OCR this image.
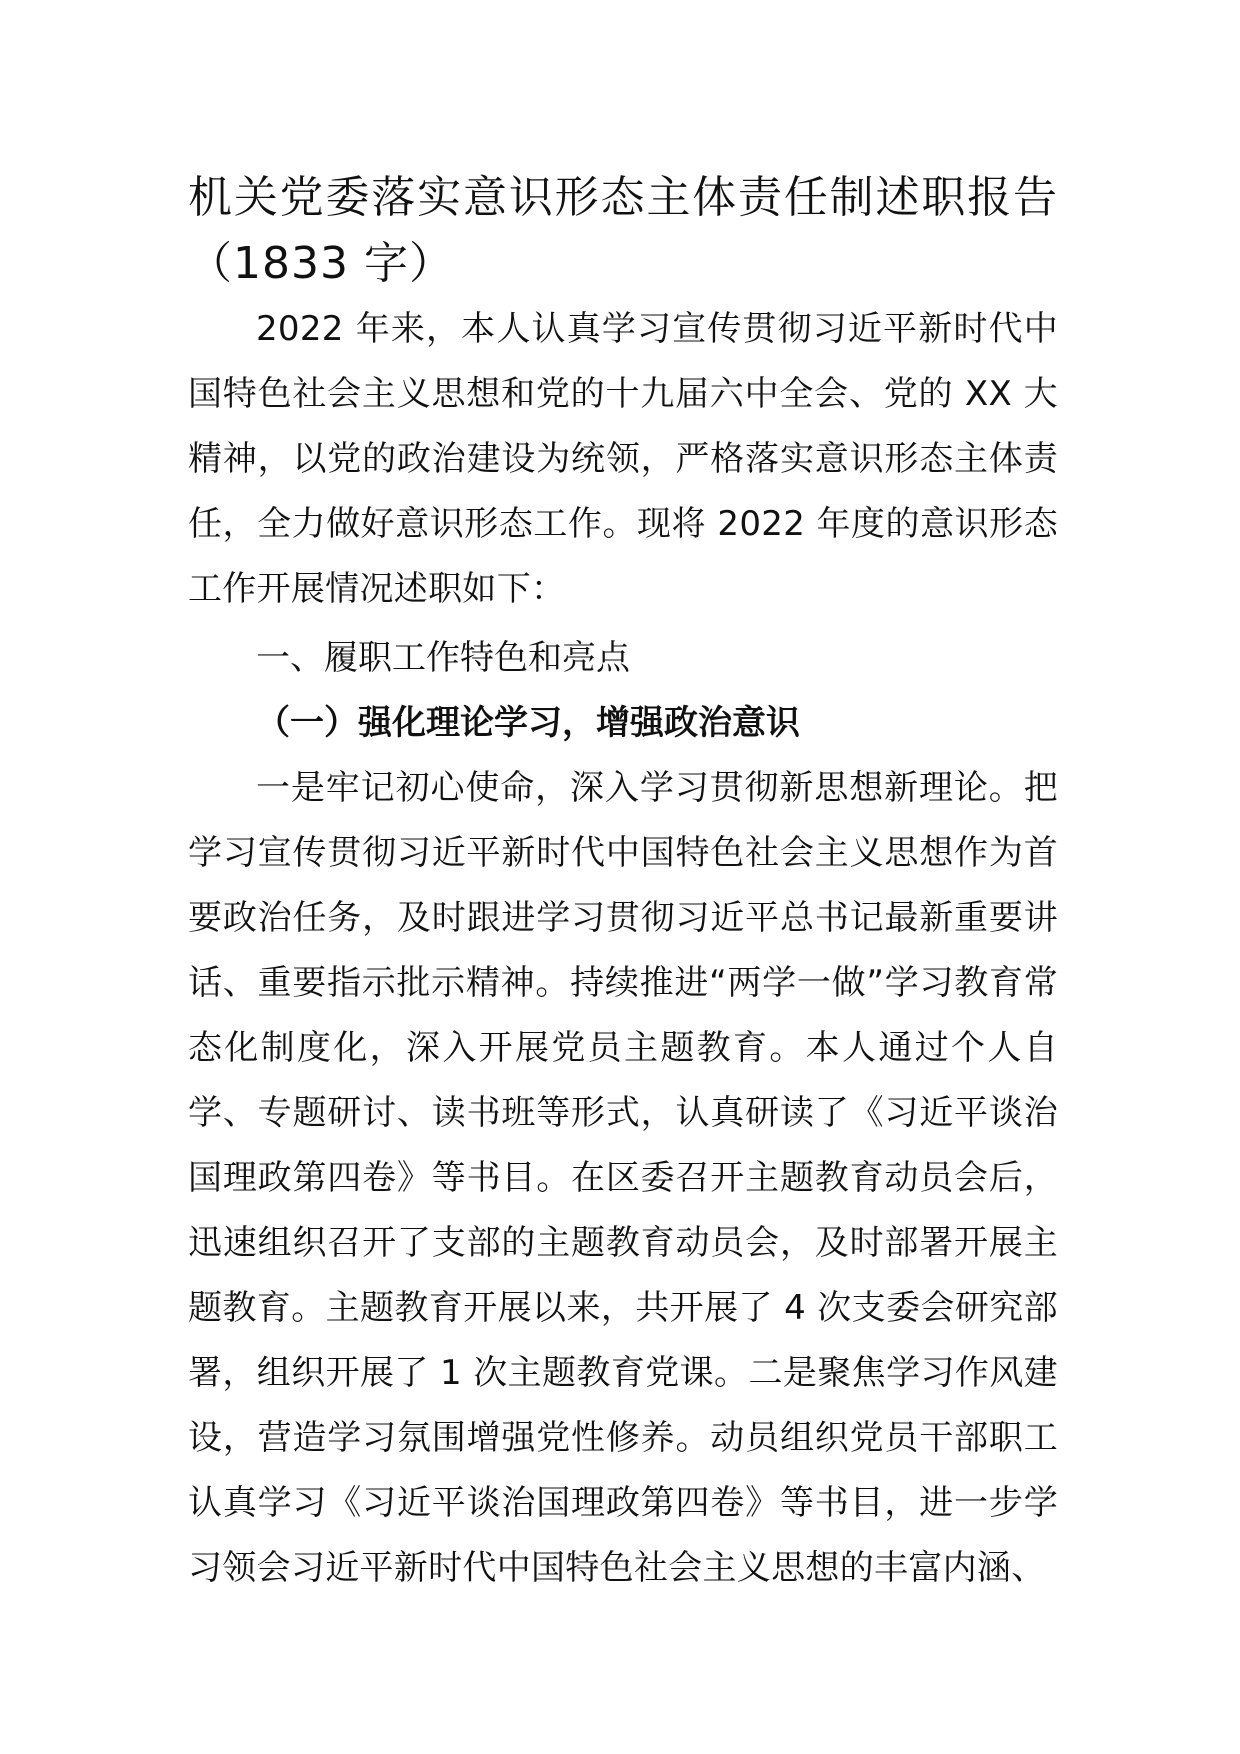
机关党委落实意识形态主体责任制述职报告（1833 字）

2022 年来，本人认真学习宣传贯彻习近平新时代中国特色社会主义思想和党的十九届六中全会、党的 XX 大精神，以党的政治建设为统领，严格落实意识形态主体责任，全力做好意识形态工作。现将 2022 年度的意识形态工作开展情况述职如下：

一、履职工作特色和亮点

（一）强化理论学习，增强政治意识

一是牢记初心使命，深入学习贯彻新思想新理论。把学习宣传贯彻习近平新时代中国特色社会主义思想作为首要政治任务，及时跟进学习贯彻习近平总书记最新重要讲话、重要指示批示精神。持续推进“两学一做”学习教育常态化制度化，深入开展党员主题教育。本人通过个人自学、专题研讨、读书班等形式，认真研读了《习近平谈治国理政第四卷》等书目。在区委召开主题教育动员会后，迅速组织召开了支部的主题教育动员会，及时部署开展主题教育。主题教育开展以来，共开展了 4 次支委会研究部署，组织开展了 1 次主题教育党课。二是聚焦学习作风建设，营造学习氛围增强党性修养。动员组织党员干部职工认真学习《习近平谈治国理政第四卷》等书目，进一步学习领会习近平新时代中国特色社会主义思想的丰富内涵、
